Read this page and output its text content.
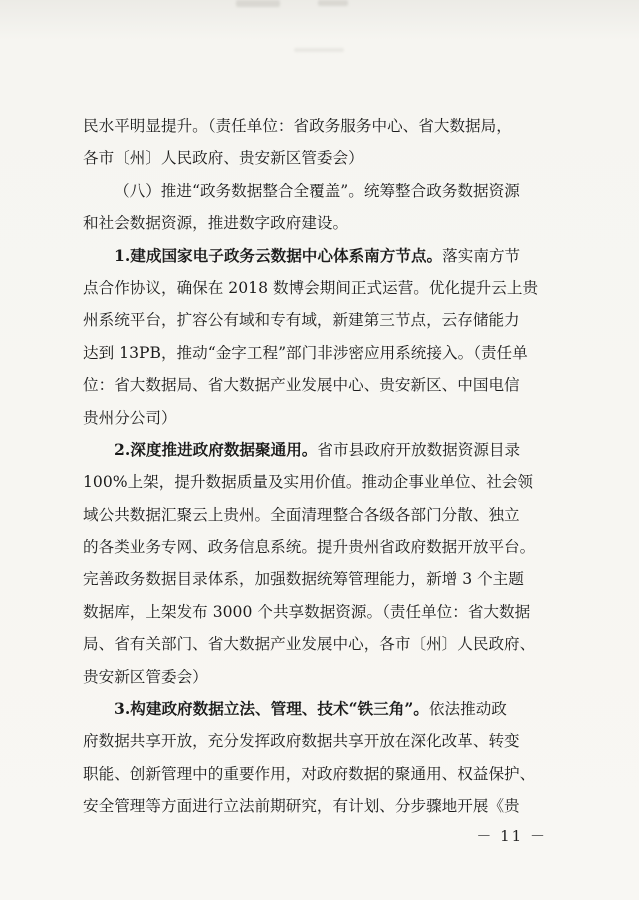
民水平明显提升。（责任单位：省政务服务中心、省大数据局，
各市〔州〕人民政府、贵安新区管委会）
（八）推进“政务数据整合全覆盖”。统筹整合政务数据资源
和社会数据资源，推进数字政府建设。
1.建成国家电子政务云数据中心体系南方节点。落实南方节
点合作协议，确保在 2018 数博会期间正式运营。优化提升云上贵
州系统平台，扩容公有域和专有域，新建第三节点，云存储能力
达到 13PB，推动“金字工程”部门非涉密应用系统接入。（责任单
位：省大数据局、省大数据产业发展中心、贵安新区、中国电信
贵州分公司）
2.深度推进政府数据聚通用。省市县政府开放数据资源目录
100%上架，提升数据质量及实用价值。推动企事业单位、社会领
域公共数据汇聚云上贵州。全面清理整合各级各部门分散、独立
的各类业务专网、政务信息系统。提升贵州省政府数据开放平台。
完善政务数据目录体系，加强数据统筹管理能力，新增 3 个主题
数据库，上架发布 3000 个共享数据资源。（责任单位：省大数据
局、省有关部门、省大数据产业发展中心，各市〔州〕人民政府、
贵安新区管委会）
3.构建政府数据立法、管理、技术“铁三角”。依法推动政
府数据共享开放，充分发挥政府数据共享开放在深化改革、转变
职能、创新管理中的重要作用，对政府数据的聚通用、权益保护、
安全管理等方面进行立法前期研究，有计划、分步骤地开展《贵
－ 11 －
